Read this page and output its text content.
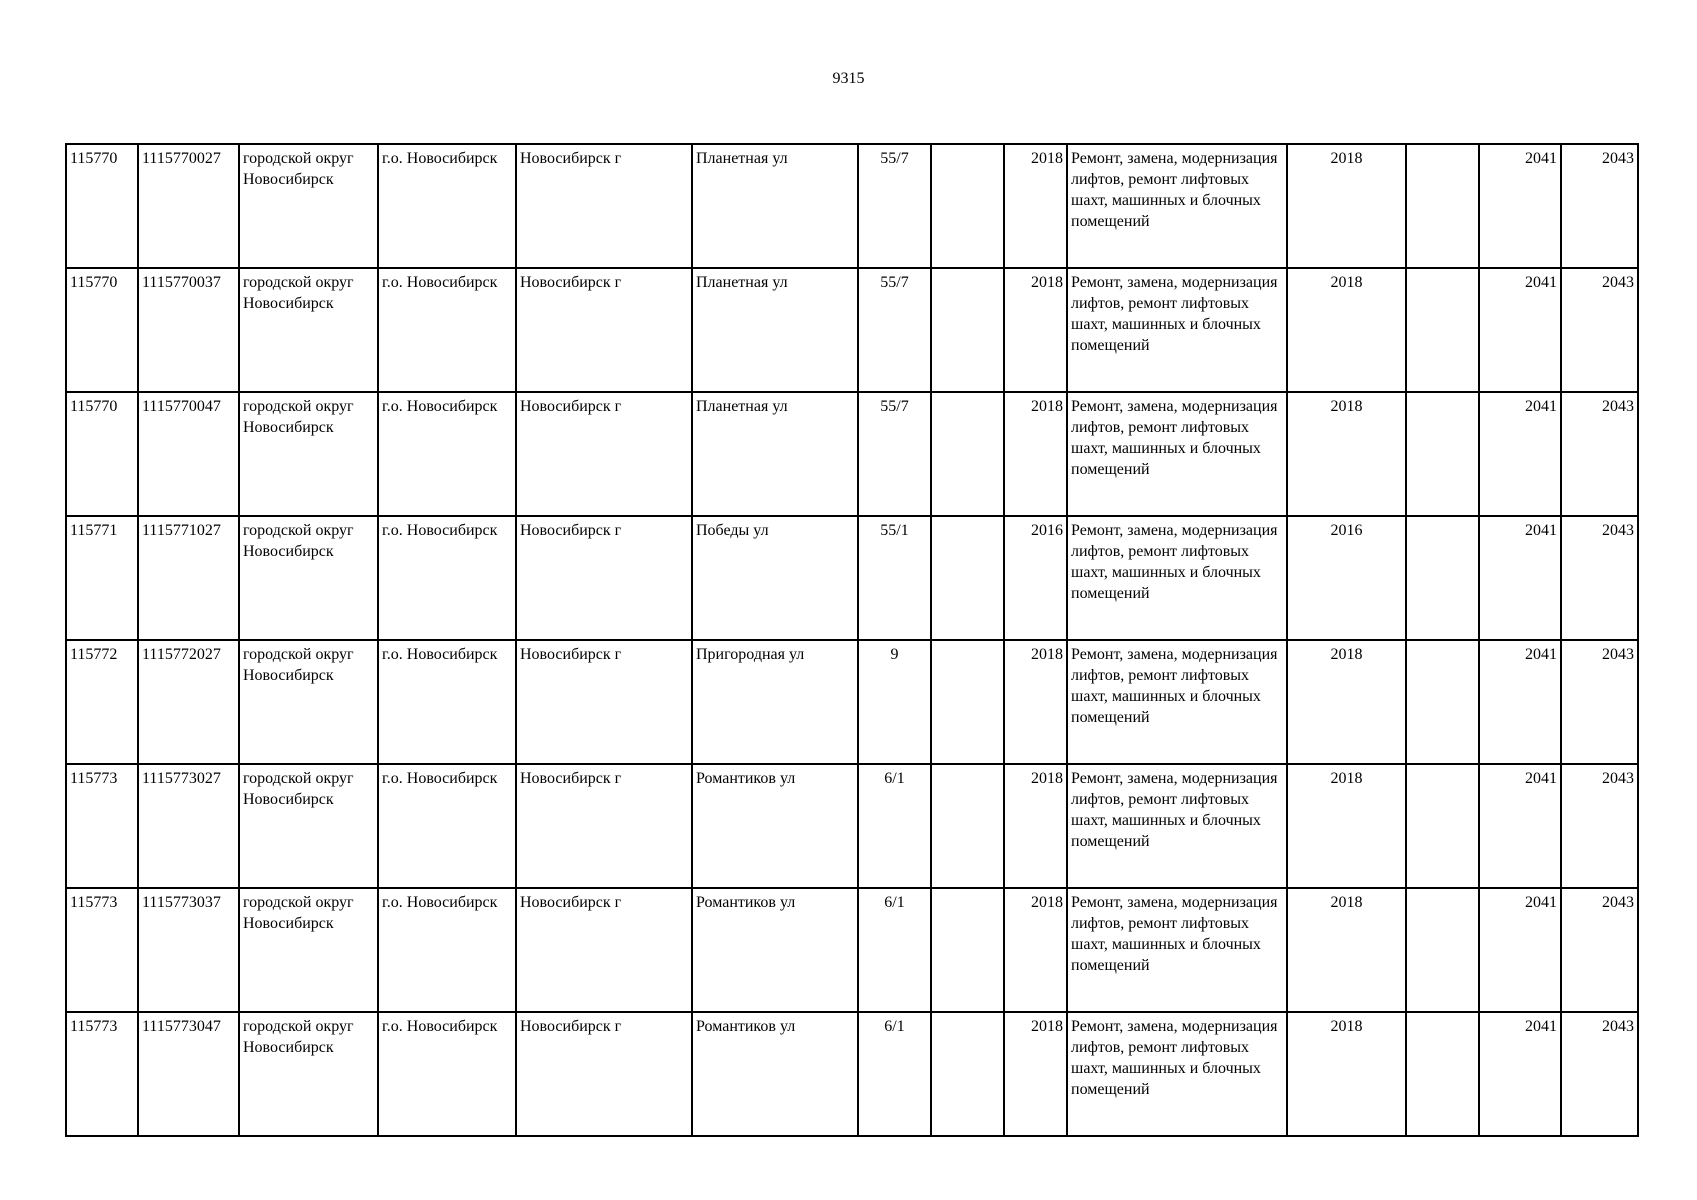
9315
115770	1115770027	городской округ Новосибирск	г.о. Новосибирск	Новосибирск г	Планетная ул	55/7		2018	Ремонт, замена, модернизация лифтов, ремонт лифтовых шахт, машинных и блочных помещений	2018		2041	2043
115770	1115770037	городской округ Новосибирск	г.о. Новосибирск	Новосибирск г	Планетная ул	55/7		2018	Ремонт, замена, модернизация лифтов, ремонт лифтовых шахт, машинных и блочных помещений	2018		2041	2043
115770	1115770047	городской округ Новосибирск	г.о. Новосибирск	Новосибирск г	Планетная ул	55/7		2018	Ремонт, замена, модернизация лифтов, ремонт лифтовых шахт, машинных и блочных помещений	2018		2041	2043
115771	1115771027	городской округ Новосибирск	г.о. Новосибирск	Новосибирск г	Победы ул	55/1		2016	Ремонт, замена, модернизация лифтов, ремонт лифтовых шахт, машинных и блочных помещений	2016		2041	2043
115772	1115772027	городской округ Новосибирск	г.о. Новосибирск	Новосибирск г	Пригородная ул	9		2018	Ремонт, замена, модернизация лифтов, ремонт лифтовых шахт, машинных и блочных помещений	2018		2041	2043
115773	1115773027	городской округ Новосибирск	г.о. Новосибирск	Новосибирск г	Романтиков ул	6/1		2018	Ремонт, замена, модернизация лифтов, ремонт лифтовых шахт, машинных и блочных помещений	2018		2041	2043
115773	1115773037	городской округ Новосибирск	г.о. Новосибирск	Новосибирск г	Романтиков ул	6/1		2018	Ремонт, замена, модернизация лифтов, ремонт лифтовых шахт, машинных и блочных помещений	2018		2041	2043
115773	1115773047	городской округ Новосибирск	г.о. Новосибирск	Новосибирск г	Романтиков ул	6/1		2018	Ремонт, замена, модернизация лифтов, ремонт лифтовых шахт, машинных и блочных помещений	2018		2041	2043
